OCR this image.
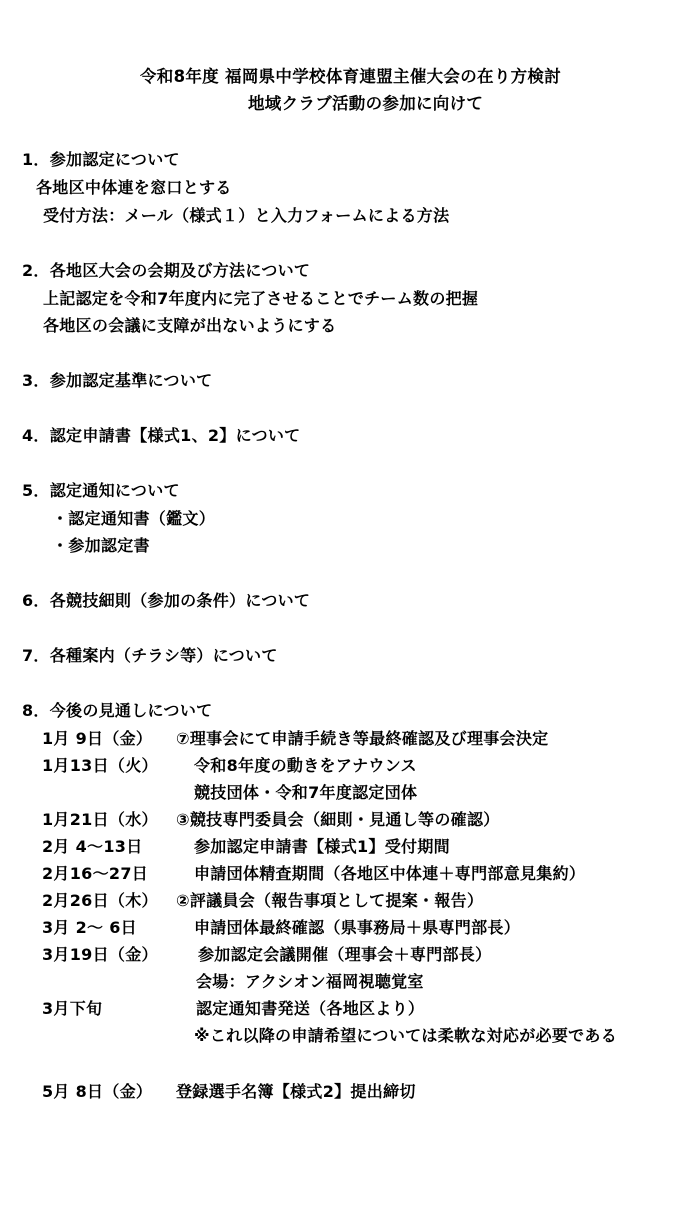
令和8年度 福岡県中学校体育連盟主催大会の在り方検討
地域クラブ活動の参加に向けて
1．参加認定について
各地区中体連を窓口とする
受付方法：メール（様式１）と入力フォームによる方法
2．各地区大会の会期及び方法について
上記認定を令和7年度内に完了させることでチーム数の把握
各地区の会議に支障が出ないようにする
3．参加認定基準について
4．認定申請書【様式1、2】について
5．認定通知について
・認定通知書（鑑文）
・参加認定書
6．各競技細則（参加の条件）について
7．各種案内（チラシ等）について
8．今後の見通しについて
1月 9日（金） ⑦理事会にて申請手続き等最終確認及び理事会決定
1月13日（火） 令和8年度の動きをアナウンス
競技団体・令和7年度認定団体
1月21日（水） ③競技専門委員会（細則・見通し等の確認）
2月 4～13日	参加認定申請書【様式1】受付期間
2月16～27日	申請団体精査期間（各地区中体連＋専門部意見集約）
2月26日（木） ②評議員会（報告事項として提案・報告）
3月 2～ 6日	申請団体最終確認（県事務局＋県専門部長）
3月19日（金）	参加認定会議開催（理事会＋専門部長）
会場：アクシオン福岡視聴覚室
3月下旬	認定通知書発送（各地区より）
※これ以降の申請希望については柔軟な対応が必要である
5月 8日（金） 登録選手名簿【様式2】提出締切
